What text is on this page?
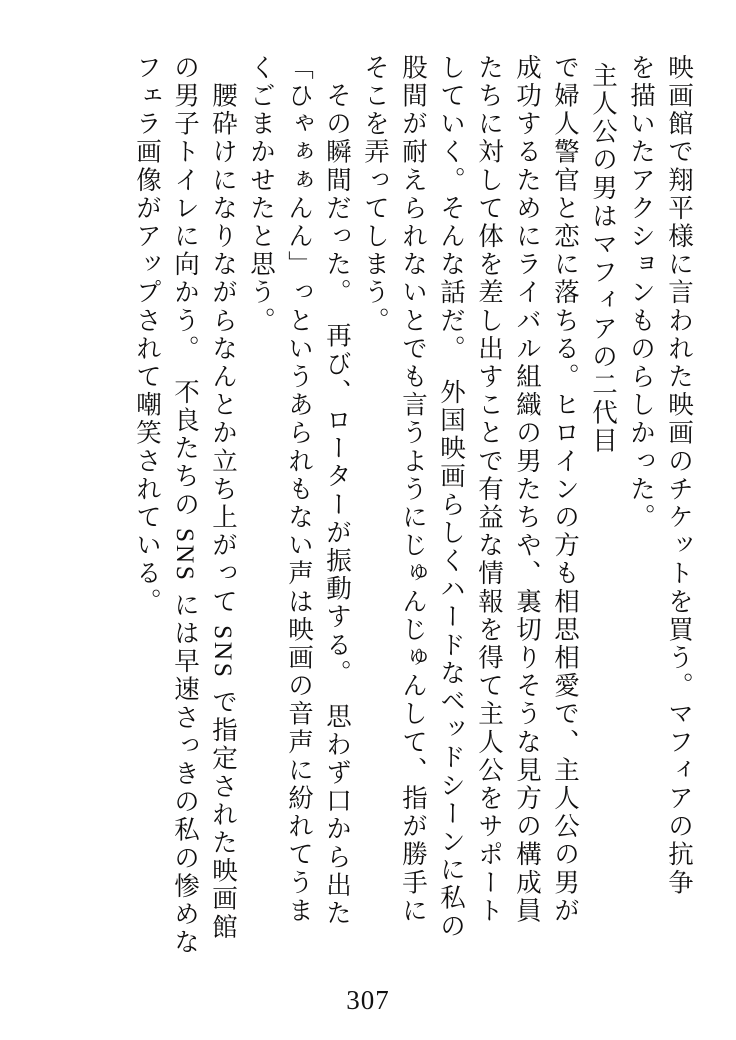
映画館で翔平様に言われた映画のチケットを買う。マフィアの抗争
を描いたアクションものらしかった。
主人公の男はマフィアの二代目
で婦人警官と恋に落ちる。ヒロインの方も相思相愛で、主人公の男が
成功するためにライバル組織の男たちや、裏切りそうな見方の構成員
たちに対して体を差し出すことで有益な情報を得て主人公をサポート
していく。そんな話だ。　外国映画らしくハードなベッドシーンに私の
股間が耐えられないとでも言うようにじゅんじゅんして、指が勝手に
そこを弄ってしまう。
　その瞬間だった。　再び、ローターが振動する。　思わず口から出た
「ひゃぁぁんん」っというあられもない声は映画の音声に紛れてうま
くごまかせたと思う。
　腰砕けになりながらなんとか立ち上がって SNS で指定された映画館
の男子トイレに向かう。　不良たちの SNS には早速さっきの私の惨めな
フェラ画像がアップされて嘲笑されている。
307
